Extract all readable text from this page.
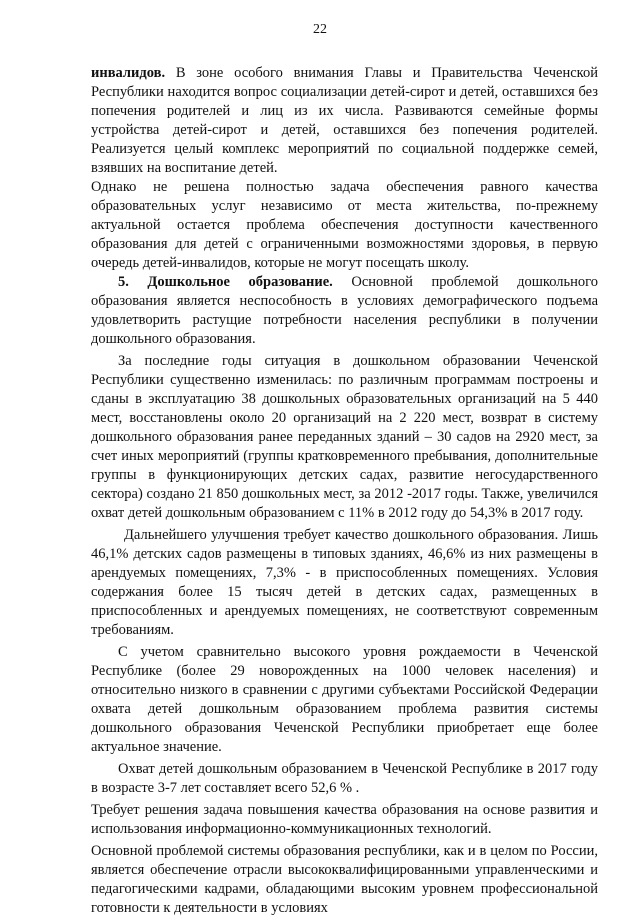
22

инвалидов. В зоне особого внимания Главы и Правительства Чеченской Республики находится вопрос социализации детей-сирот и детей, оставшихся без попечения родителей и лиц из их числа. Развиваются семейные формы устройства детей-сирот и детей, оставшихся без попечения родителей. Реализуется целый комплекс мероприятий по социальной поддержке семей, взявших на воспитание детей.

Однако не решена полностью задача обеспечения равного качества образовательных услуг независимо от места жительства, по-прежнему актуальной остается проблема обеспечения доступности качественного образования для детей с ограниченными возможностями здоровья, в первую очередь детей-инвалидов, которые не могут посещать школу.

5. Дошкольное образование. Основной проблемой дошкольного образования является неспособность в условиях демографического подъема удовлетворить растущие потребности населения республики в получении дошкольного образования.

За последние годы ситуация в дошкольном образовании Чеченской Республики существенно изменилась: по различным программам построены и сданы в эксплуатацию 38 дошкольных образовательных организаций на 5 440 мест, восстановлены около 20 организаций на 2 220 мест, возврат в систему дошкольного образования ранее переданных зданий – 30 садов на 2920 мест, за счет иных мероприятий (группы кратковременного пребывания, дополнительные группы в функционирующих детских садах, развитие негосударственного сектора) создано 21 850 дошкольных мест, за 2012 -2017 годы. Также, увеличился охват детей дошкольным образованием с 11% в 2012 году до 54,3% в 2017 году.

Дальнейшего улучшения требует качество дошкольного образования. Лишь 46,1% детских садов размещены в типовых зданиях, 46,6% из них размещены в арендуемых помещениях, 7,3% - в приспособленных помещениях. Условия содержания более 15 тысяч детей в детских садах, размещенных в приспособленных и арендуемых помещениях, не соответствуют современным требованиям.

С учетом сравнительно высокого уровня рождаемости в Чеченской Республике (более 29 новорожденных на 1000 человек населения) и относительно низкого в сравнении с другими субъектами Российской Федерации охвата детей дошкольным образованием проблема развития системы дошкольного образования Чеченской Республики приобретает еще более актуальное значение.

Охват детей дошкольным образованием в Чеченской Республике в 2017 году в возрасте 3-7 лет составляет всего 52,6 % .

Требует решения задача повышения качества образования на основе развития и использования информационно-коммуникационных технологий.

Основной проблемой системы образования республики, как и в целом по России, является обеспечение отрасли высококвалифицированными управленческими и педагогическими кадрами, обладающими высоким уровнем профессиональной готовности к деятельности в условиях
